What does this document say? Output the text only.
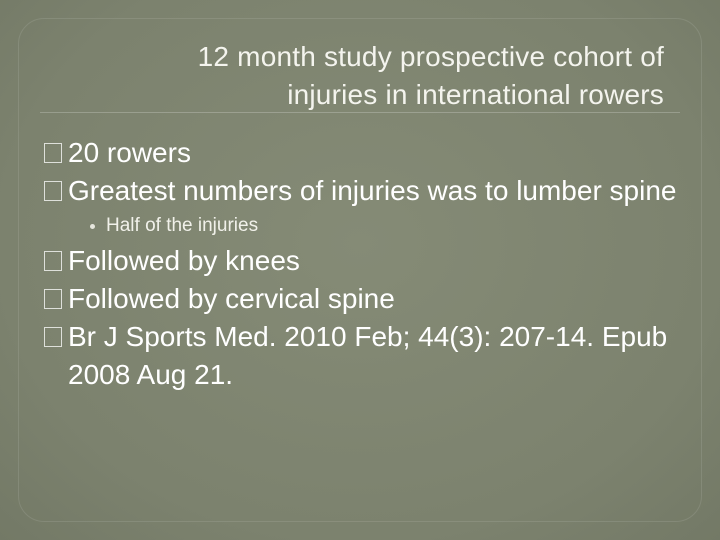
12 month study prospective cohort of
injuries in international rowers
20 rowers
Greatest numbers of injuries was to lumber spine
Half of the injuries
Followed by knees
Followed by cervical spine
Br J Sports Med. 2010 Feb; 44(3): 207-14. Epub 2008 Aug 21.
